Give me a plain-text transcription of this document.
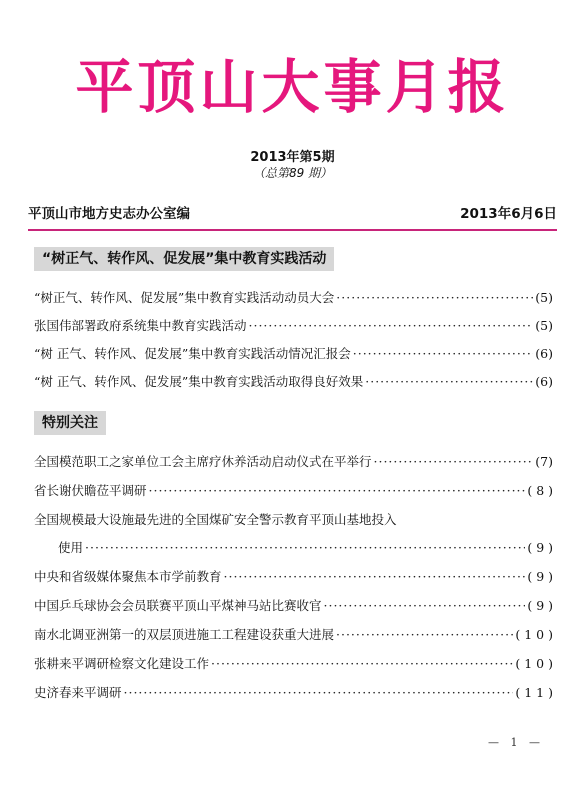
平顶山大事月报
2013年第5期
（总第89 期）
平顶山市地方史志办公室编	2013年6月6日
“树正气、转作风、促发展”集中教育实践活动
“树正气、转作风、促发展”集中教育实践活动动员大会 ·····	(5)
张国伟部署政府系统集中教育实践活动 ·····	(5)
“树 正气、转作风、促发展”集中教育实践活动情况汇报会 ·····	(6)
“树 正气、转作风、促发展”集中教育实践活动取得良好效果 ·····	(6)
特别关注
全国模范职工之家单位工会主席疗休养活动启动仪式在平举行 ·····	(7)
省长谢伏瞻莅平调研 ·····	( 8 )
全国规模最大设施最先进的全国煤矿安全警示教育平顶山基地投入
使用 ·····	( 9 )
中央和省级媒体聚焦本市学前教育 ·····	( 9 )
中国乒乓球协会会员联赛平顶山平煤神马站比赛收官 ·····	( 9 )
南水北调亚洲第一的双层顶进施工工程建设获重大进展 ·····	( 1 0 )
张耕来平调研检察文化建设工作 ·····	( 1 0 )
史济春来平调研 ·····	( 1 1 )
— 1 —
